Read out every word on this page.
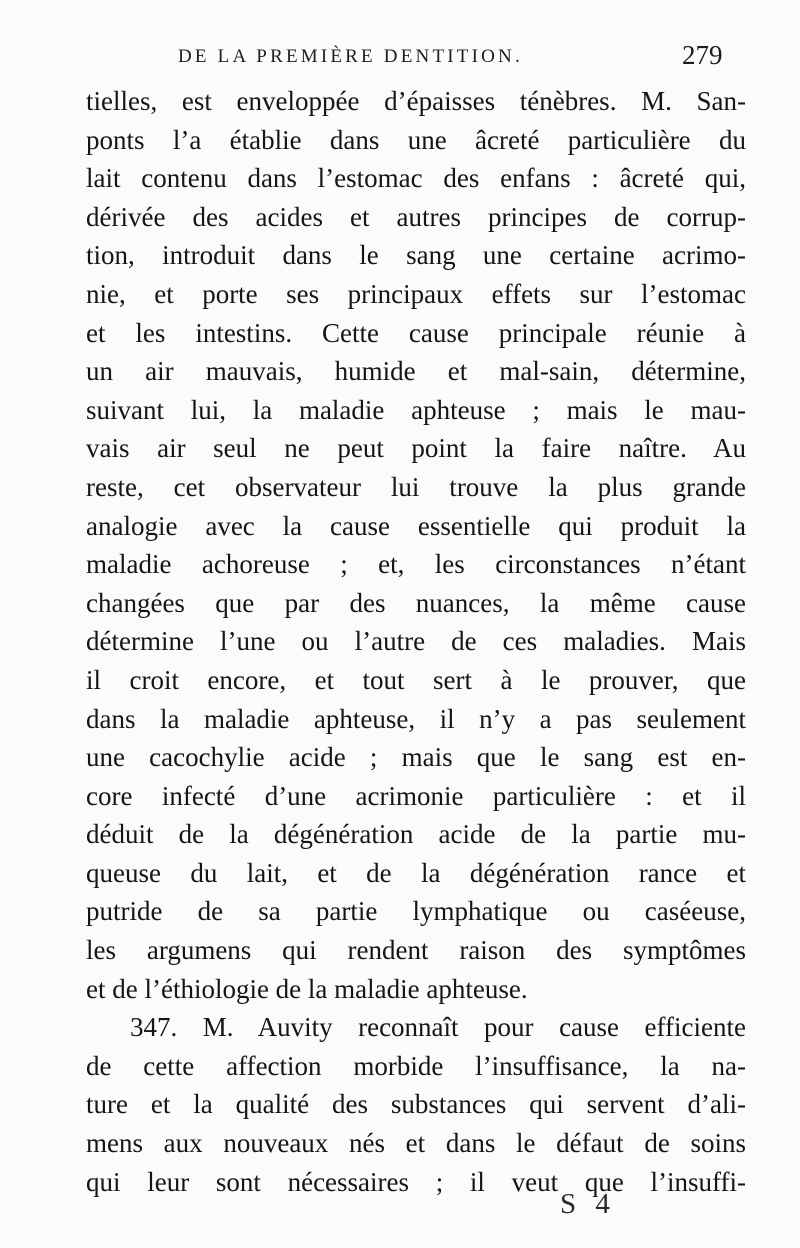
DE LA PREMIÈRE DENTITION.	279
tielles, est enveloppée d’épaisses ténèbres. M. San-
ponts l’a établie dans une âcreté particulière du
lait contenu dans l’estomac des enfans : âcreté qui,
dérivée des acides et autres principes de corrup-
tion, introduit dans le sang une certaine acrimo-
nie, et porte ses principaux effets sur l’estomac
et les intestins. Cette cause principale réunie à
un air mauvais, humide et mal-sain, détermine,
suivant lui, la maladie aphteuse ; mais le mau-
vais air seul ne peut point la faire naître. Au
reste, cet observateur lui trouve la plus grande
analogie avec la cause essentielle qui produit la
maladie achoreuse ; et, les circonstances n’étant
changées que par des nuances, la même cause
détermine l’une ou l’autre de ces maladies. Mais
il croit encore, et tout sert à le prouver, que
dans la maladie aphteuse, il n’y a pas seulement
une cacochylie acide ; mais que le sang est en-
core infecté d’une acrimonie particulière : et il
déduit de la dégénération acide de la partie mu-
queuse du lait, et de la dégénération rance et
putride de sa partie lymphatique ou caséeuse,
les argumens qui rendent raison des symptômes
et de l’éthiologie de la maladie aphteuse.
347. M. Auvity reconnaît pour cause efficiente
de cette affection morbide l’insuffisance, la na-
ture et la qualité des substances qui servent d’ali-
mens aux nouveaux nés et dans le défaut de soins
qui leur sont nécessaires ; il veut que l’insuffi-
S 4
